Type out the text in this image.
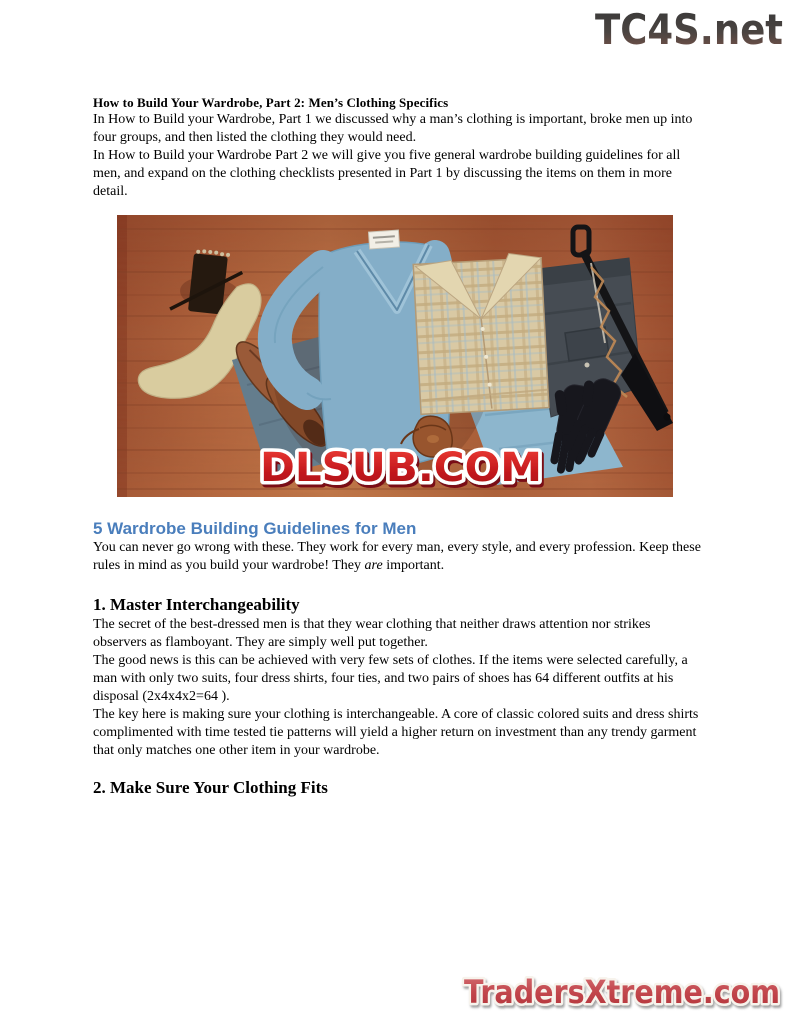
TC4S.net
How to Build Your Wardrobe, Part 2: Men’s Clothing Specifics

In How to Build your Wardrobe, Part 1 we discussed why a man’s clothing is important, broke men up into four groups, and then listed the clothing they would need.

In How to Build your Wardrobe Part 2 we will give you five general wardrobe building guidelines for all men, and expand on the clothing checklists presented in Part 1 by discussing the items on them in more detail.

DLSUB.COM
5 Wardrobe Building Guidelines for Men

You can never go wrong with these. They work for every man, every style, and every profession. Keep these rules in mind as you build your wardrobe! They are important.

1. Master Interchangeability

The secret of the best-dressed men is that they wear clothing that neither draws attention nor strikes observers as flamboyant. They are simply well put together.

The good news is this can be achieved with very few sets of clothes. If the items were selected carefully, a man with only two suits, four dress shirts, four ties, and two pairs of shoes has 64 different outfits at his disposal (2x4x4x2=64 ).

The key here is making sure your clothing is interchangeable. A core of classic colored suits and dress shirts complimented with time tested tie patterns will yield a higher return on investment than any trendy garment that only matches one other item in your wardrobe.

2. Make Sure Your Clothing Fits
TradersXtreme.com
